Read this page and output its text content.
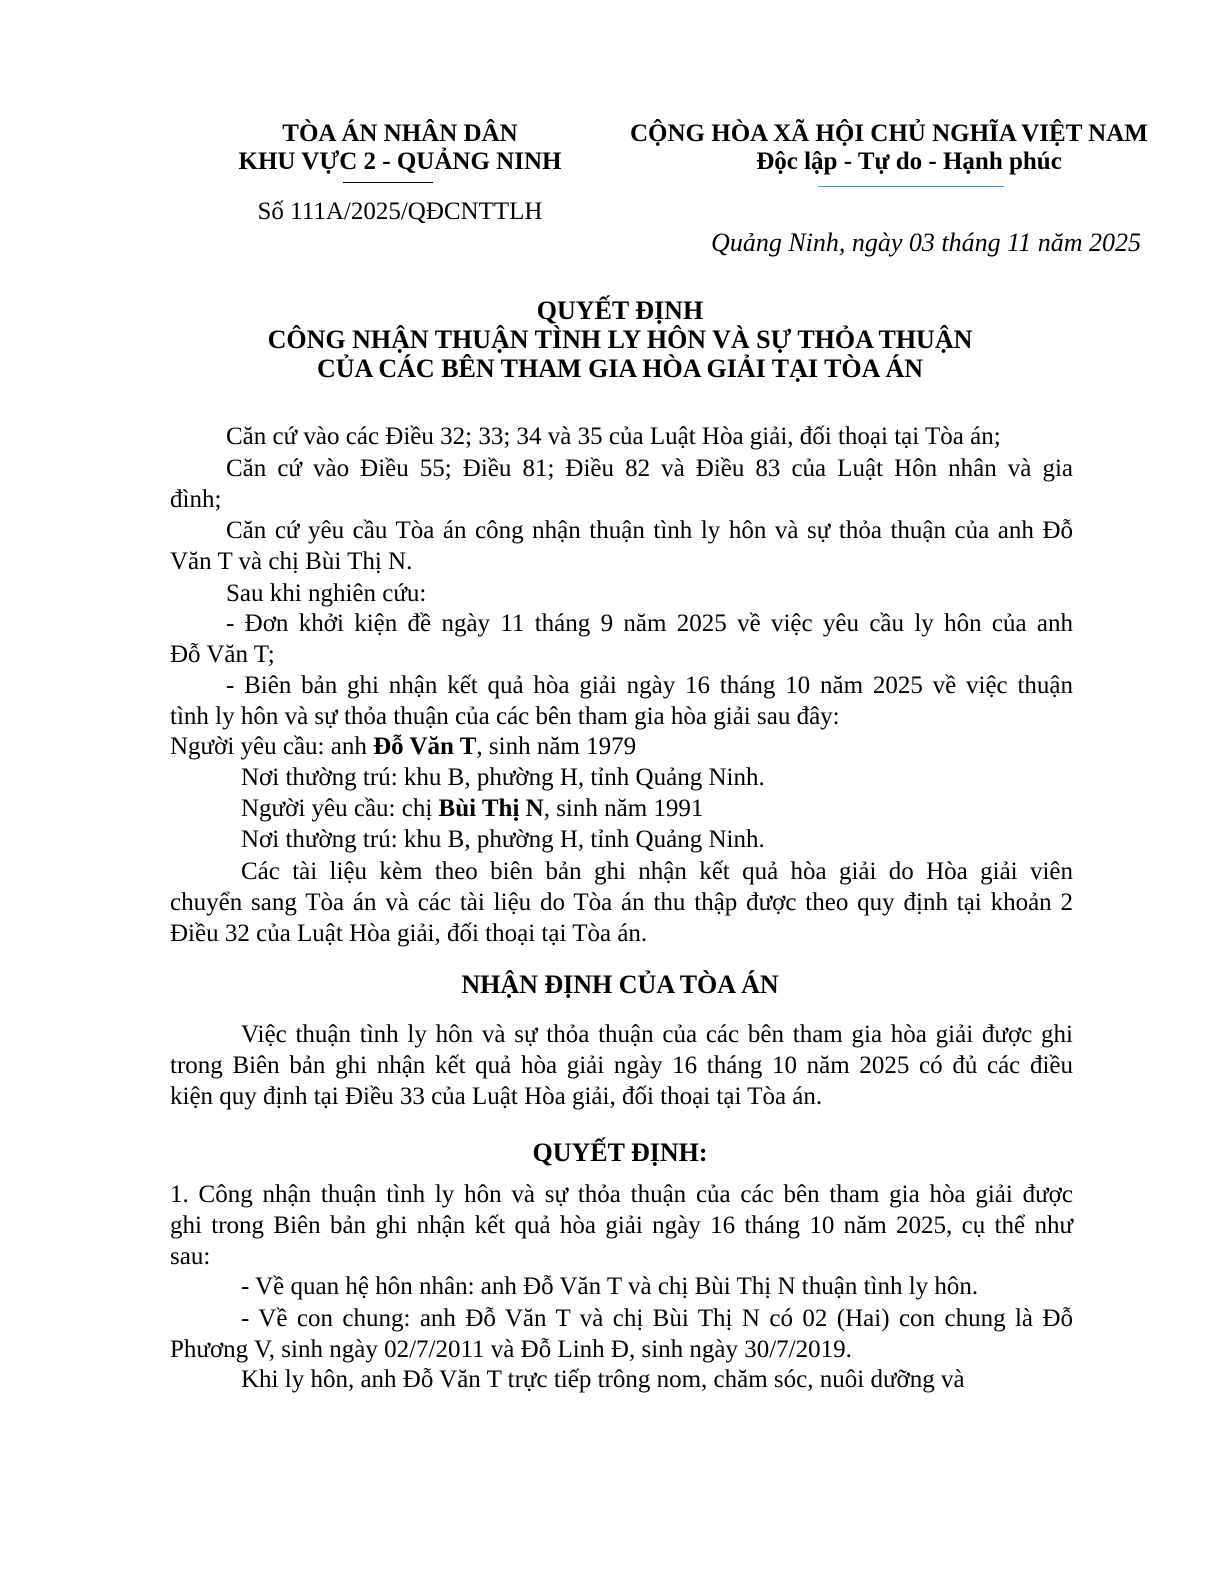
TÒA ÁN NHÂN DÂN
KHU VỰC 2 - QUẢNG NINH
Số 111A/2025/QĐCNTTLH
CỘNG HÒA XÃ HỘI CHỦ NGHĨA VIỆT NAM
Độc lập - Tự do - Hạnh phúc
Quảng Ninh, ngày 03 tháng 11 năm 2025
QUYẾT ĐỊNH
CÔNG NHẬN THUẬN TÌNH LY HÔN VÀ SỰ THỎA THUẬN
CỦA CÁC BÊN THAM GIA HÒA GIẢI TẠI TÒA ÁN
Căn cứ vào các Điều 32; 33; 34 và 35 của Luật Hòa giải, đối thoại tại Tòa án;
Căn cứ vào Điều 55; Điều 81; Điều 82 và Điều 83 của Luật Hôn nhân và gia
đình;
Căn cứ yêu cầu Tòa án công nhận thuận tình ly hôn và sự thỏa thuận của anh Đỗ
Văn T và chị Bùi Thị N.
Sau khi nghiên cứu:
- Đơn khởi kiện đề ngày 11 tháng 9 năm 2025 về việc yêu cầu ly hôn của anh
Đỗ Văn T;
- Biên bản ghi nhận kết quả hòa giải ngày 16 tháng 10 năm 2025 về việc thuận
tình ly hôn và sự thỏa thuận của các bên tham gia hòa giải sau đây:
Người yêu cầu: anh Đỗ Văn T, sinh năm 1979
Nơi thường trú: khu B, phường H, tỉnh Quảng Ninh.
Người yêu cầu: chị Bùi Thị N, sinh năm 1991
Nơi thường trú: khu B, phường H, tỉnh Quảng Ninh.
Các tài liệu kèm theo biên bản ghi nhận kết quả hòa giải do Hòa giải viên
chuyển sang Tòa án và các tài liệu do Tòa án thu thập được theo quy định tại khoản 2
Điều 32 của Luật Hòa giải, đối thoại tại Tòa án.
NHẬN ĐỊNH CỦA TÒA ÁN
Việc thuận tình ly hôn và sự thỏa thuận của các bên tham gia hòa giải được ghi
trong Biên bản ghi nhận kết quả hòa giải ngày 16 tháng 10 năm 2025 có đủ các điều
kiện quy định tại Điều 33 của Luật Hòa giải, đối thoại tại Tòa án.
QUYẾT ĐỊNH:
1. Công nhận thuận tình ly hôn và sự thỏa thuận của các bên tham gia hòa giải được
ghi trong Biên bản ghi nhận kết quả hòa giải ngày 16 tháng 10 năm 2025, cụ thể như
sau:
- Về quan hệ hôn nhân: anh Đỗ Văn T và chị Bùi Thị N thuận tình ly hôn.
- Về con chung: anh Đỗ Văn T và chị Bùi Thị N có 02 (Hai) con chung là Đỗ
Phương V, sinh ngày 02/7/2011 và Đỗ Linh Đ, sinh ngày 30/7/2019.
Khi ly hôn, anh Đỗ Văn T trực tiếp trông nom, chăm sóc, nuôi dưỡng và
